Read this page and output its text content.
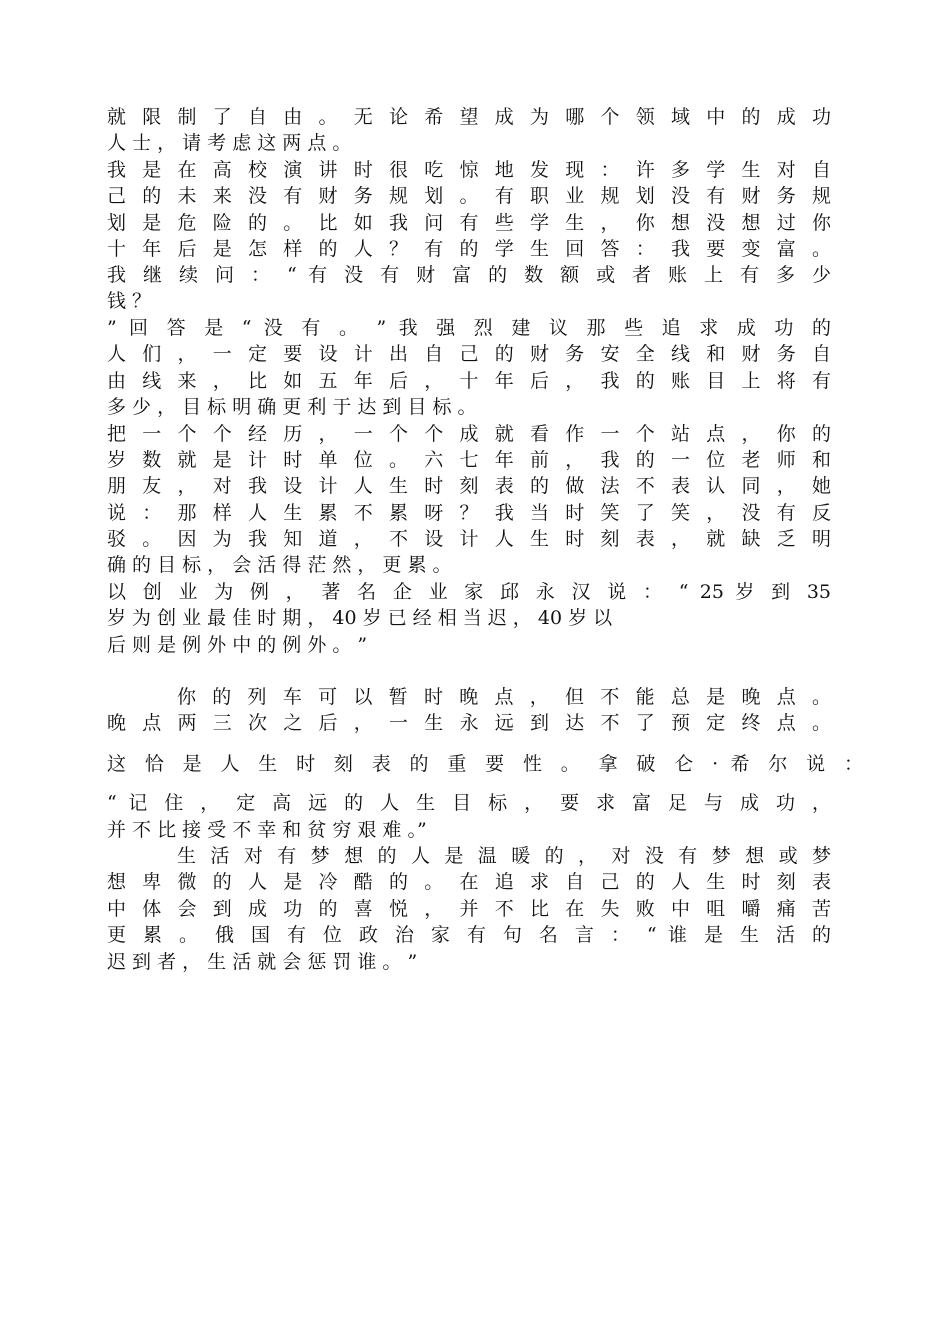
就 限 制 了 自 由 。 无 论 希 望 成 为 哪 个 领 域 中 的 成 功
人 士 ， 请 考 虑 这 两 点 。
我 是 在 高 校 演 讲 时 很 吃 惊 地 发 现 ： 许 多 学 生 对 自
己 的 未 来 没 有 财 务 规 划 。 有 职 业 规 划 没 有 财 务 规
划 是 危 险 的 。 比 如 我 问 有 些 学 生 ， 你 想 没 想 过 你
十 年 后 是 怎 样 的 人 ？ 有 的 学 生 回 答 ： 我 要 变 富 。
我 继 续 问 ： “ 有 没 有 财 富 的 数 额 或 者 账 上 有 多 少
钱 ？
” 回 答 是 “ 没 有 。 ” 我 强 烈 建 议 那 些 追 求 成 功 的
人 们 ， 一 定 要 设 计 出 自 己 的 财 务 安 全 线 和 财 务 自
由 线 来 ， 比 如 五 年 后 ， 十 年 后 ， 我 的 账 目 上 将 有
多 少 ， 目 标 明 确 更 利 于 达 到 目 标 。
把 一 个 个 经 历 ， 一 个 个 成 就 看 作 一 个 站 点 ， 你 的
岁 数 就 是 计 时 单 位 。 六 七 年 前 ， 我 的 一 位 老 师 和
朋 友 ， 对 我 设 计 人 生 时 刻 表 的 做 法 不 表 认 同 ， 她
说 ： 那 样 人 生 累 不 累 呀 ？ 我 当 时 笑 了 笑 ， 没 有 反
驳 。 因 为 我 知 道 ， 不 设 计 人 生 时 刻 表 ， 就 缺 乏 明
确 的 目 标 ， 会 活 得 茫 然 ， 更 累 。
以 创 业 为 例 ， 著 名 企 业 家 邱 永 汉 说 ： “ 25 岁 到 35
岁 为 创 业 最 佳 时 期 ， 40 岁 已 经 相 当 迟 ， 40 岁 以
后 则 是 例 外 中 的 例 外 。 ”
你 的 列 车 可 以 暂 时 晚 点 ， 但 不 能 总 是 晚 点 。
晚 点 两 三 次 之 后 ， 一 生 永 远 到 达 不 了 预 定 终 点 。
这 恰 是 人 生 时 刻 表 的 重 要 性 。 拿 破 仑 · 希 尔 说 ：
“ 记 住 ， 定 高 远 的 人 生 目 标 ， 要 求 富 足 与 成 功 ，
并 不 比 接 受 不 幸 和 贫 穷 艰 难 。”
生 活 对 有 梦 想 的 人 是 温 暖 的 ， 对 没 有 梦 想 或 梦
想 卑 微 的 人 是 冷 酷 的 。 在 追 求 自 己 的 人 生 时 刻 表
中 体 会 到 成 功 的 喜 悦 ， 并 不 比 在 失 败 中 咀 嚼 痛 苦
更 累 。 俄 国 有 位 政 治 家 有 句 名 言 ： “ 谁 是 生 活 的
迟 到 者 ， 生 活 就 会 惩 罚 谁 。 ”
